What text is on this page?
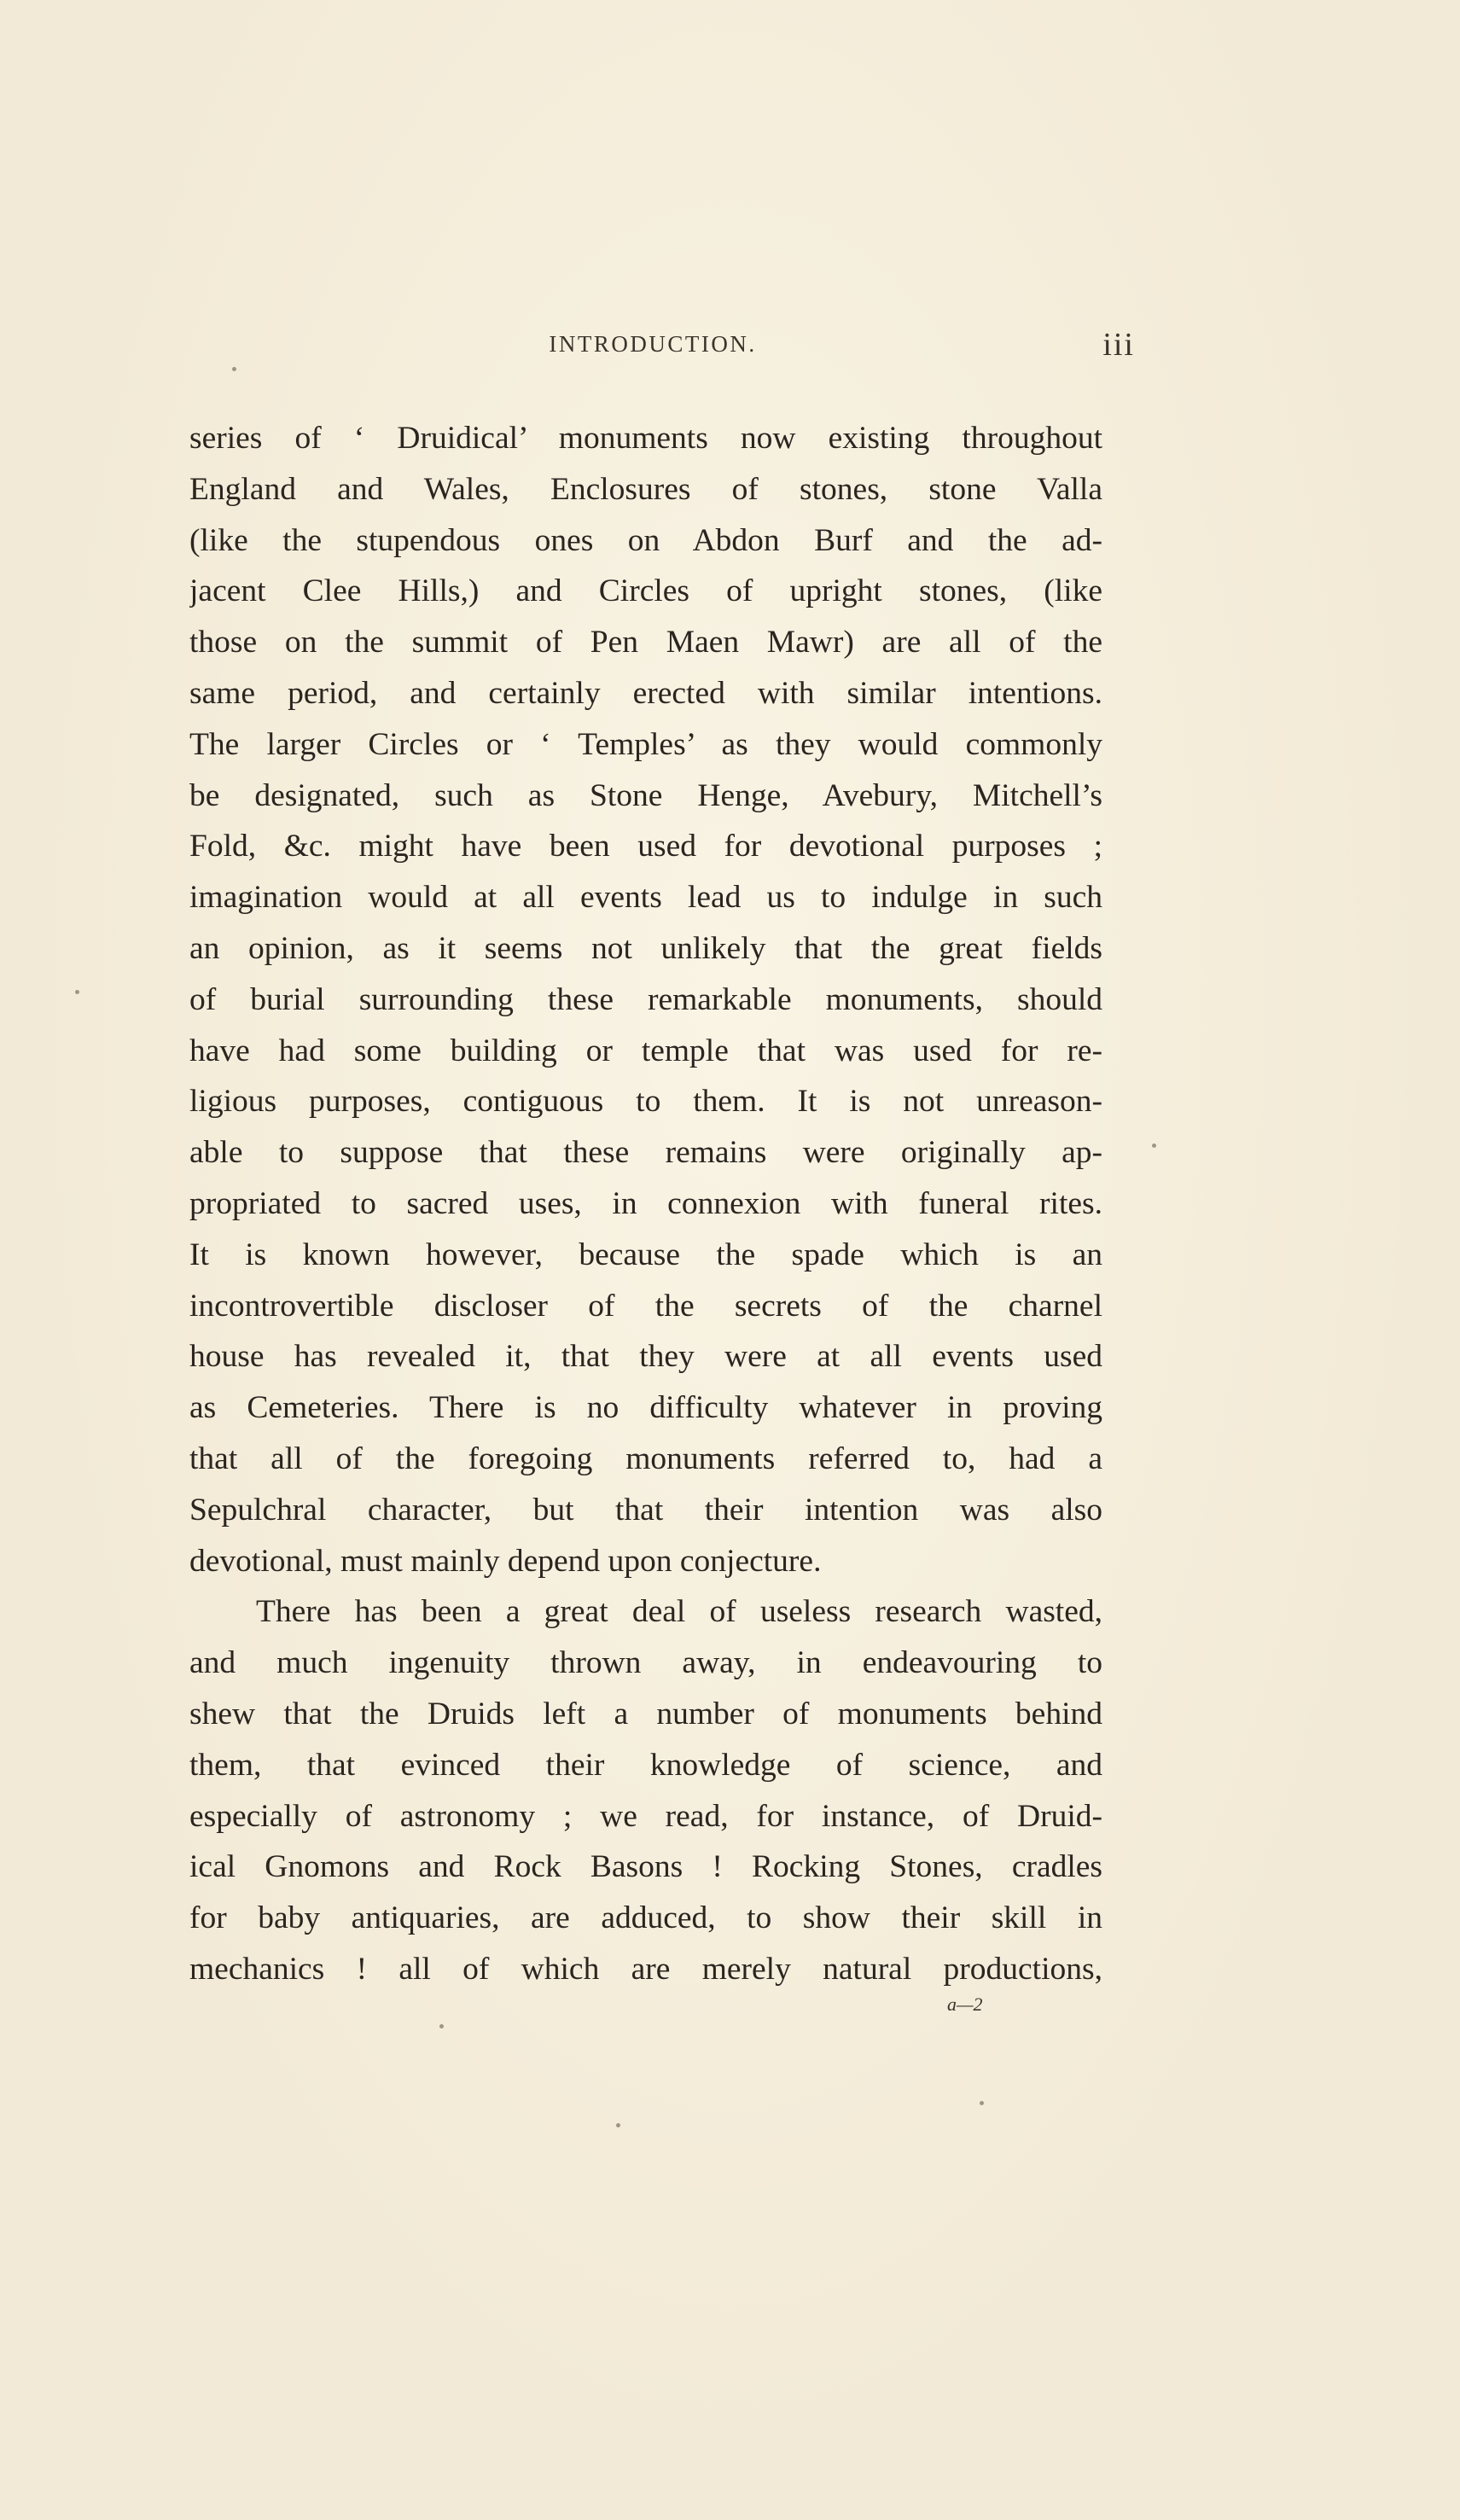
INTRODUCTION.	iii
series of ‘ Druidical’ monuments now existing throughout
England and Wales, Enclosures of stones, stone Valla
(like the stupendous ones on Abdon Burf and the ad-
jacent Clee Hills,) and Circles of upright stones, (like
those on the summit of Pen Maen Mawr) are all of the
same period, and certainly erected with similar intentions.
The larger Circles or ‘ Temples’ as they would commonly
be designated, such as Stone Henge, Avebury, Mitchell’s
Fold, &c. might have been used for devotional purposes ;
imagination would at all events lead us to indulge in such
an opinion, as it seems not unlikely that the great fields
of burial surrounding these remarkable monuments, should
have had some building or temple that was used for re-
ligious purposes, contiguous to them. It is not unreason-
able to suppose that these remains were originally ap-
propriated to sacred uses, in connexion with funeral rites.
It is known however, because the spade which is an
incontrovertible discloser of the secrets of the charnel
house has revealed it, that they were at all events used
as Cemeteries. There is no difficulty whatever in proving
that all of the foregoing monuments referred to, had a
Sepulchral character, but that their intention was also
devotional, must mainly depend upon conjecture.
There has been a great deal of useless research wasted,
and much ingenuity thrown away, in endeavouring to
shew that the Druids left a number of monuments behind
them, that evinced their knowledge of science, and
especially of astronomy ; we read, for instance, of Druid-
ical Gnomons and Rock Basons ! Rocking Stones, cradles
for baby antiquaries, are adduced, to show their skill in
mechanics ! all of which are merely natural productions,
a—2
